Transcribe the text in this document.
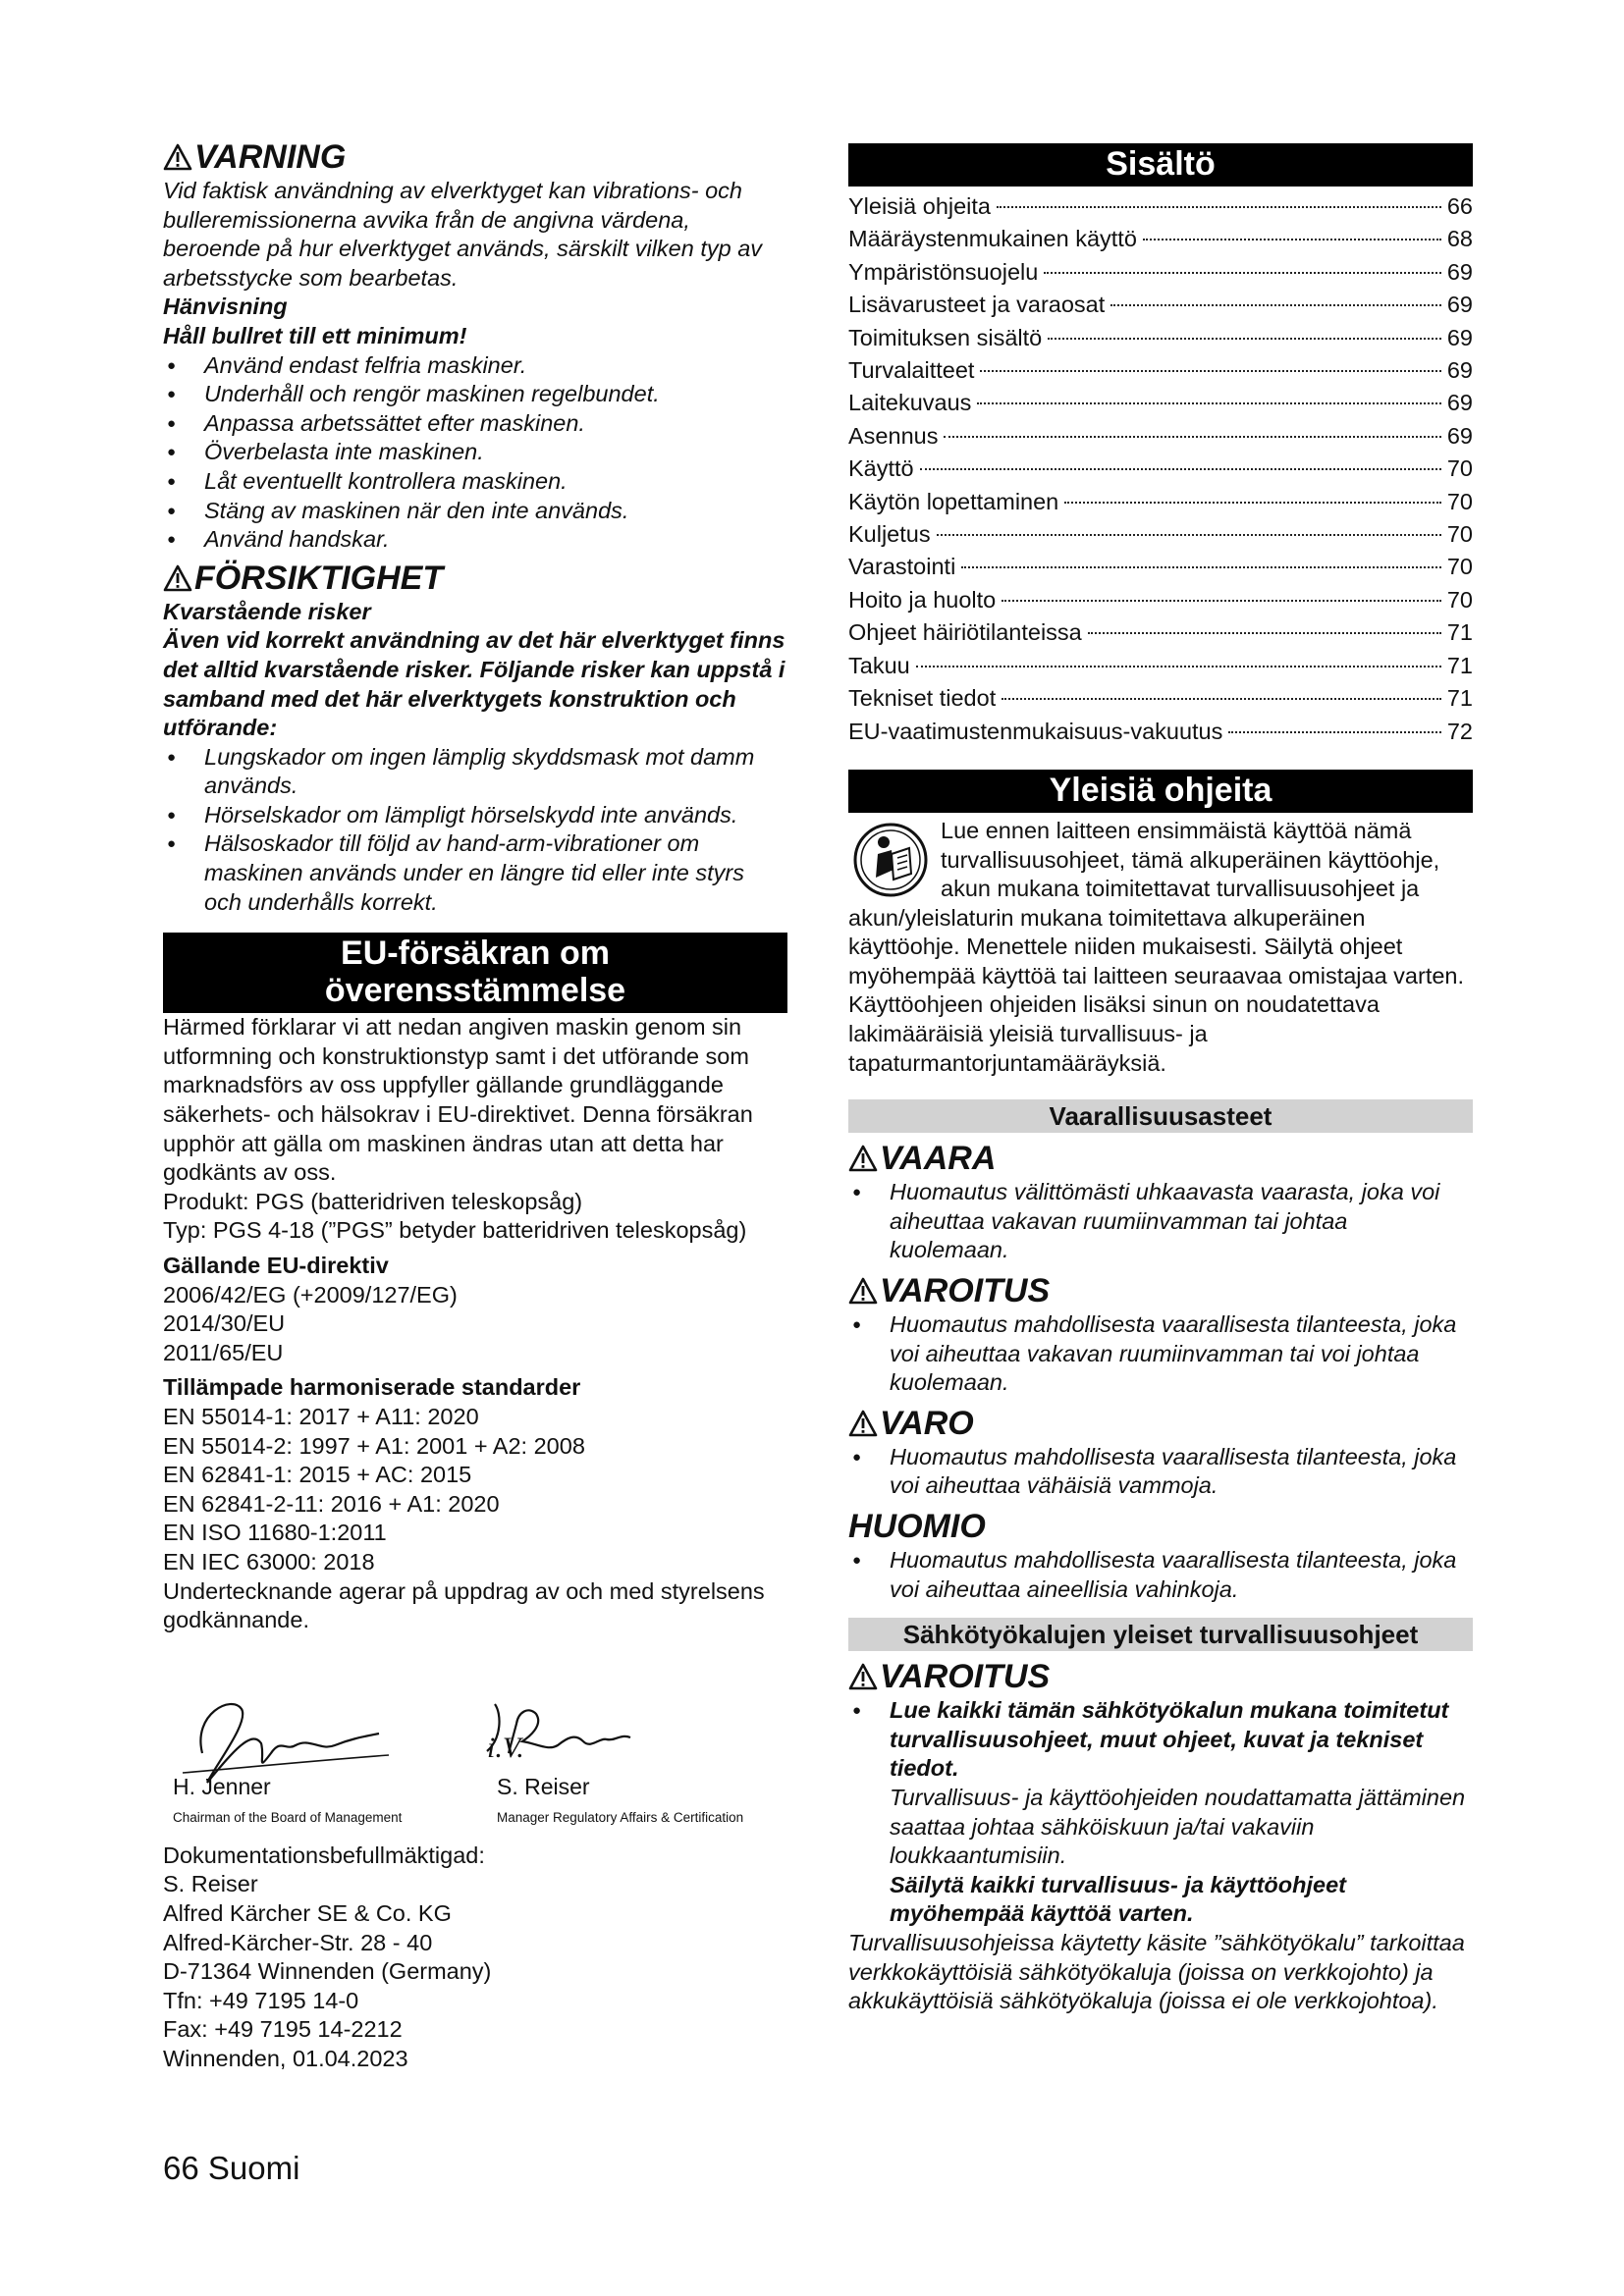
VARNING

Vid faktisk användning av elverktyget kan vibrations- och bulleremissionerna avvika från de angivna värdena, beroende på hur elverktyget används, särskilt vilken typ av arbetsstycke som bearbetas.

Hänvisning

Håll bullret till ett minimum!

● Använd endast felfria maskiner.
● Underhåll och rengör maskinen regelbundet.
● Anpassa arbetssättet efter maskinen.
● Överbelasta inte maskinen.
● Låt eventuellt kontrollera maskinen.
● Stäng av maskinen när den inte används.
● Använd handskar.
FÖRSIKTIGHET

Kvarstående risker

Även vid korrekt användning av det här elverktyget finns det alltid kvarstående risker. Följande risker kan uppstå i samband med det här elverktygets konstruktion och utförande:

● Lungskador om ingen lämplig skyddsmask mot damm används.
● Hörselskador om lämpligt hörselskydd inte används.
● Hälsoskador till följd av hand-arm-vibrationer om maskinen används under en längre tid eller inte styrs och underhålls korrekt.
EU-försäkran om
överensstämmelse

Härmed förklarar vi att nedan angiven maskin genom sin utformning och konstruktionstyp samt i det utförande som marknadsförs av oss uppfyller gällande grundläggande säkerhets- och hälsokrav i EU-direktivet. Denna försäkran upphör att gälla om maskinen ändras utan att detta har godkänts av oss.

Produkt: PGS (batteridriven teleskopsåg)

Typ: PGS 4-18 (”PGS” betyder batteridriven teleskopsåg)

Gällande EU-direktiv

2006/42/EG (+2009/127/EG)

2014/30/EU

2011/65/EU

Tillämpade harmoniserade standarder

EN 55014-1: 2017 + A11: 2020

EN 55014-2: 1997 + A1: 2001 + A2: 2008

EN 62841-1: 2015 + AC: 2015

EN 62841-2-11: 2016 + A1: 2020

EN ISO 11680-1:2011

EN IEC 63000: 2018

Undertecknande agerar på uppdrag av och med styrelsens godkännande.

i.V.
H. Jenner
Chairman of the Board of Management
S. Reiser
Manager Regulatory Affairs & Certification

Dokumentationsbefullmäktigad:

S. Reiser

Alfred Kärcher SE & Co. KG

Alfred-Kärcher-Str. 28 - 40

D-71364 Winnenden (Germany)

Tfn: +49 7195 14-0

Fax: +49 7195 14-2212

Winnenden, 01.04.2023

Sisältö
Yleisiä ohjeita	66
Määräystenmukainen käyttö	68
Ympäristönsuojelu	69
Lisävarusteet ja varaosat	69
Toimituksen sisältö	69
Turvalaitteet	69
Laitekuvaus	69
Asennus	69
Käyttö	70
Käytön lopettaminen	70
Kuljetus	70
Varastointi	70
Hoito ja huolto	70
Ohjeet häiriötilanteissa	71
Takuu	71
Tekniset tiedot	71
EU-vaatimustenmukaisuus-vakuutus	72
Yleisiä ohjeita

Lue ennen laitteen ensimmäistä käyttöä nämä turvallisuusohjeet, tämä alkuperäinen käyttöohje, akun mukana toimitettavat turvallisuusohjeet ja akun/yleislaturin mukana toimitettava alkuperäinen käyttöohje. Menettele niiden mukaisesti. Säilytä ohjeet myöhempää käyttöä tai laitteen seuraavaa omistajaa varten.

Käyttöohjeen ohjeiden lisäksi sinun on noudatettava lakimääräisiä yleisiä turvallisuus- ja tapaturmantorjuntamääräyksiä.

Vaarallisuusasteet
VAARA
● Huomautus välittömästi uhkaavasta vaarasta, joka voi aiheuttaa vakavan ruumiinvamman tai johtaa kuolemaan.
VAROITUS
● Huomautus mahdollisesta vaarallisesta tilanteesta, joka voi aiheuttaa vakavan ruumiinvamman tai voi johtaa kuolemaan.
VARO
● Huomautus mahdollisesta vaarallisesta tilanteesta, joka voi aiheuttaa vähäisiä vammoja.
HUOMIO
● Huomautus mahdollisesta vaarallisesta tilanteesta, joka voi aiheuttaa aineellisia vahinkoja.
Sähkötyökalujen yleiset turvallisuusohjeet
VAROITUS
● Lue kaikki tämän sähkötyökalun mukana toimitetut turvallisuusohjeet, muut ohjeet, kuvat ja tekniset tiedot.
Turvallisuus- ja käyttöohjeiden noudattamatta jättäminen saattaa johtaa sähköiskuun ja/tai vakaviin loukkaantumisiin.
Säilytä kaikki turvallisuus- ja käyttöohjeet myöhempää käyttöä varten.

Turvallisuusohjeissa käytetty käsite ”sähkötyökalu” tarkoittaa verkkokäyttöisiä sähkötyökaluja (joissa on verkkojohto) ja akkukäyttöisiä sähkötyökaluja (joissa ei ole verkkojohtoa).

66 Suomi
